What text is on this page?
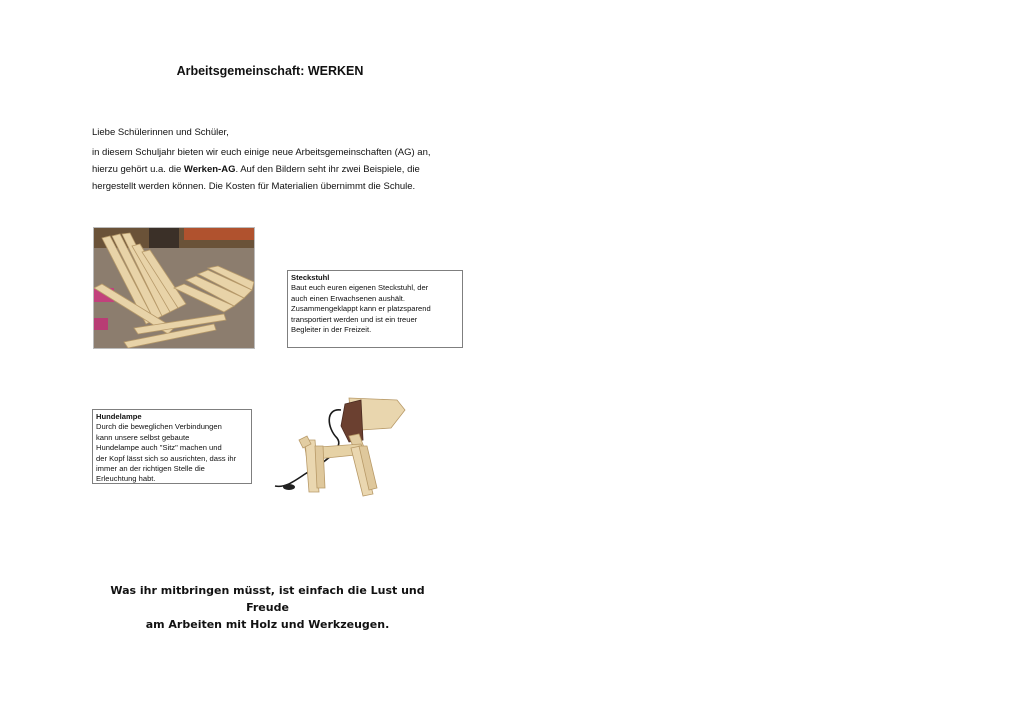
Arbeitsgemeinschaft: WERKEN
Liebe Schülerinnen und Schüler,
in diesem Schuljahr bieten wir euch einige neue Arbeitsgemeinschaften (AG) an,
hierzu gehört u.a. die Werken-AG. Auf den Bildern seht ihr zwei Beispiele, die
hergestellt werden können. Die Kosten für Materialien übernimmt die Schule.
Steckstuhl
Baut euch euren eigenen Steckstuhl, der
auch einen Erwachsenen aushält.
Zusammengeklappt kann er platzsparend
transportiert werden und ist ein treuer
Begleiter in der Freizeit.
Hundelampe
Durch die beweglichen Verbindungen
kann unsere selbst gebaute
Hundelampe auch "Sitz" machen und
der Kopf lässt sich so ausrichten, dass ihr
immer an der richtigen Stelle die
Erleuchtung habt.
Was ihr mitbringen müsst, ist einfach die Lust und Freude
am Arbeiten mit Holz und Werkzeugen.
